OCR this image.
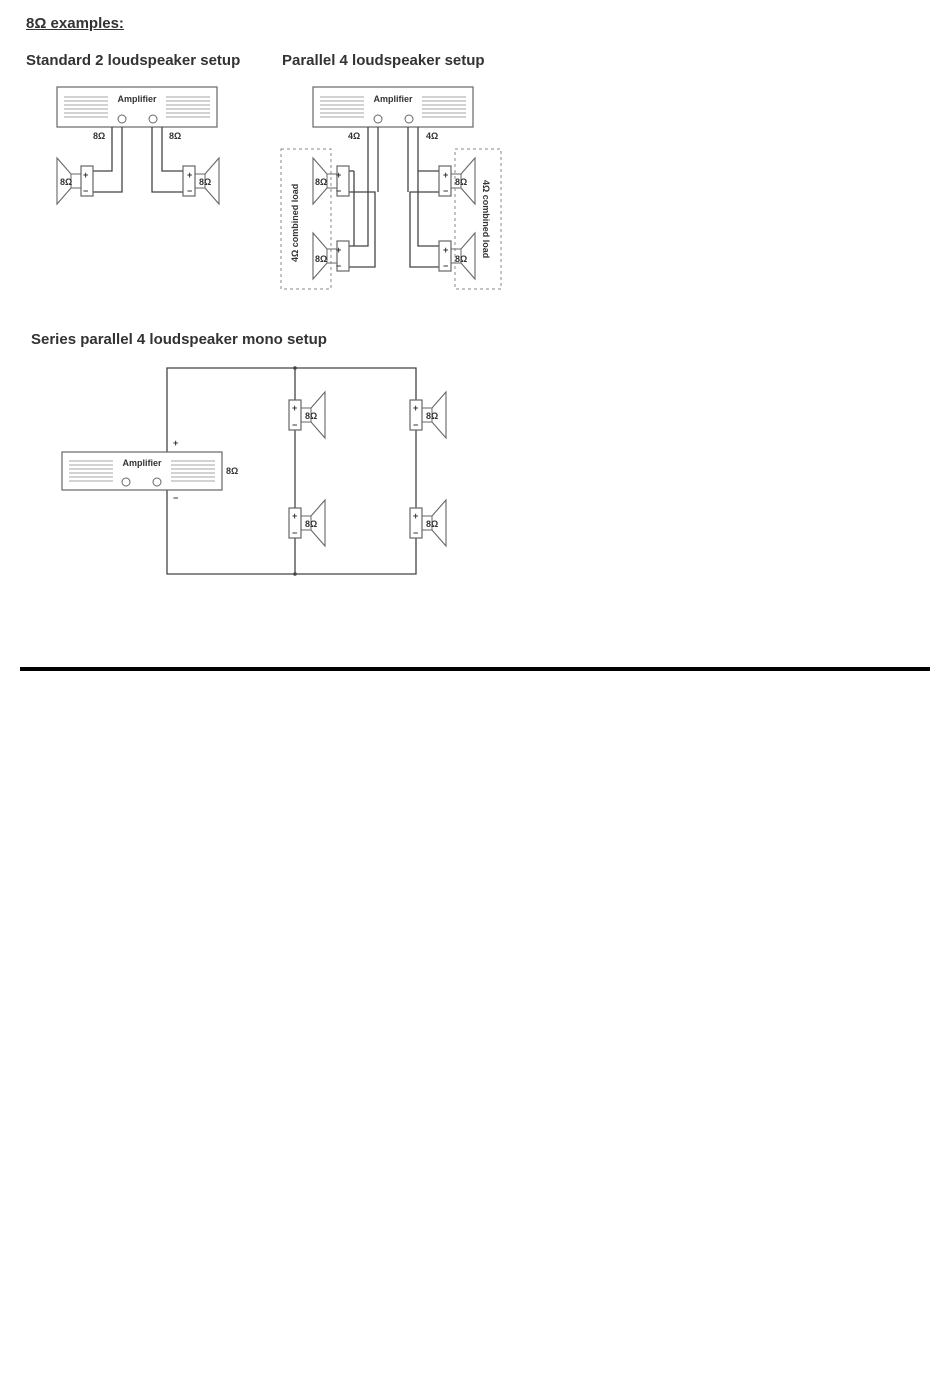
8Ω examples:
Standard 2 loudspeaker setup	Parallel 4 loudspeaker setup
Series parallel 4 loudspeaker mono setup
Amplifier
8Ω	8Ω
+
−
8Ω
+
−
8Ω
Amplifier
4Ω	4Ω
+
−
8Ω
+
−
8Ω
+
−
8Ω
+
−
8Ω
4Ω combined load	4Ω combined load
Amplifier
+
−
8Ω
+
−
8Ω
+
−
8Ω
+
−
8Ω
+
−
8Ω
